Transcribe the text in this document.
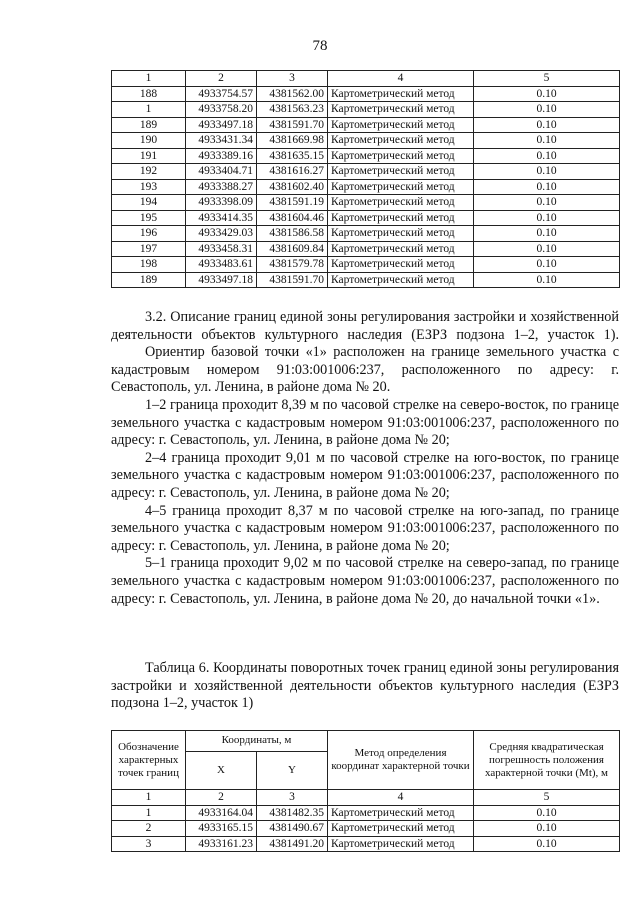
78
1	2	3	4	5
188	4933754.57	4381562.00	Картометрический метод	0.10
1	4933758.20	4381563.23	Картометрический метод	0.10
189	4933497.18	4381591.70	Картометрический метод	0.10
190	4933431.34	4381669.98	Картометрический метод	0.10
191	4933389.16	4381635.15	Картометрический метод	0.10
192	4933404.71	4381616.27	Картометрический метод	0.10
193	4933388.27	4381602.40	Картометрический метод	0.10
194	4933398.09	4381591.19	Картометрический метод	0.10
195	4933414.35	4381604.46	Картометрический метод	0.10
196	4933429.03	4381586.58	Картометрический метод	0.10
197	4933458.31	4381609.84	Картометрический метод	0.10
198	4933483.61	4381579.78	Картометрический метод	0.10
189	4933497.18	4381591.70	Картометрический метод	0.10

3.2. Описание границ единой зоны регулирования застройки и хозяйственной деятельности объектов культурного наследия (ЕЗРЗ подзона 1–2, участок 1).

Ориентир базовой точки «1» расположен на границе земельного участка с кадастровым номером 91:03:001006:237, расположенного по адресу: г. Севастополь, ул. Ленина, в районе дома № 20.

1–2 граница проходит 8,39 м по часовой стрелке на северо-восток, по границе земельного участка с кадастровым номером 91:03:001006:237, расположенного по адресу: г. Севастополь, ул. Ленина, в районе дома № 20;

2–4 граница проходит 9,01 м по часовой стрелке на юго-восток, по границе земельного участка с кадастровым номером 91:03:001006:237, расположенного по адресу: г. Севастополь, ул. Ленина, в районе дома № 20;

4–5 граница проходит 8,37 м по часовой стрелке на юго-запад, по границе земельного участка с кадастровым номером 91:03:001006:237, расположенного по адресу: г. Севастополь, ул. Ленина, в районе дома № 20;

5–1 граница проходит 9,02 м по часовой стрелке на северо-запад, по границе земельного участка с кадастровым номером 91:03:001006:237, расположенного по адресу: г. Севастополь, ул. Ленина, в районе дома № 20, до начальной точки «1».

Таблица 6. Координаты поворотных точек границ единой зоны регулирования застройки и хозяйственной деятельности объектов культурного наследия (ЕЗРЗ подзона 1–2, участок 1)

Обозначение характерных точек границ	Координаты, м		Метод определения координат характерной точки	Средняя квадратическая погрешность положения характерной точки (Mt), м
	X	Y		
1	2	3	4	5
1	4933164.04	4381482.35	Картометрический метод	0.10
2	4933165.15	4381490.67	Картометрический метод	0.10
3	4933161.23	4381491.20	Картометрический метод	0.10
